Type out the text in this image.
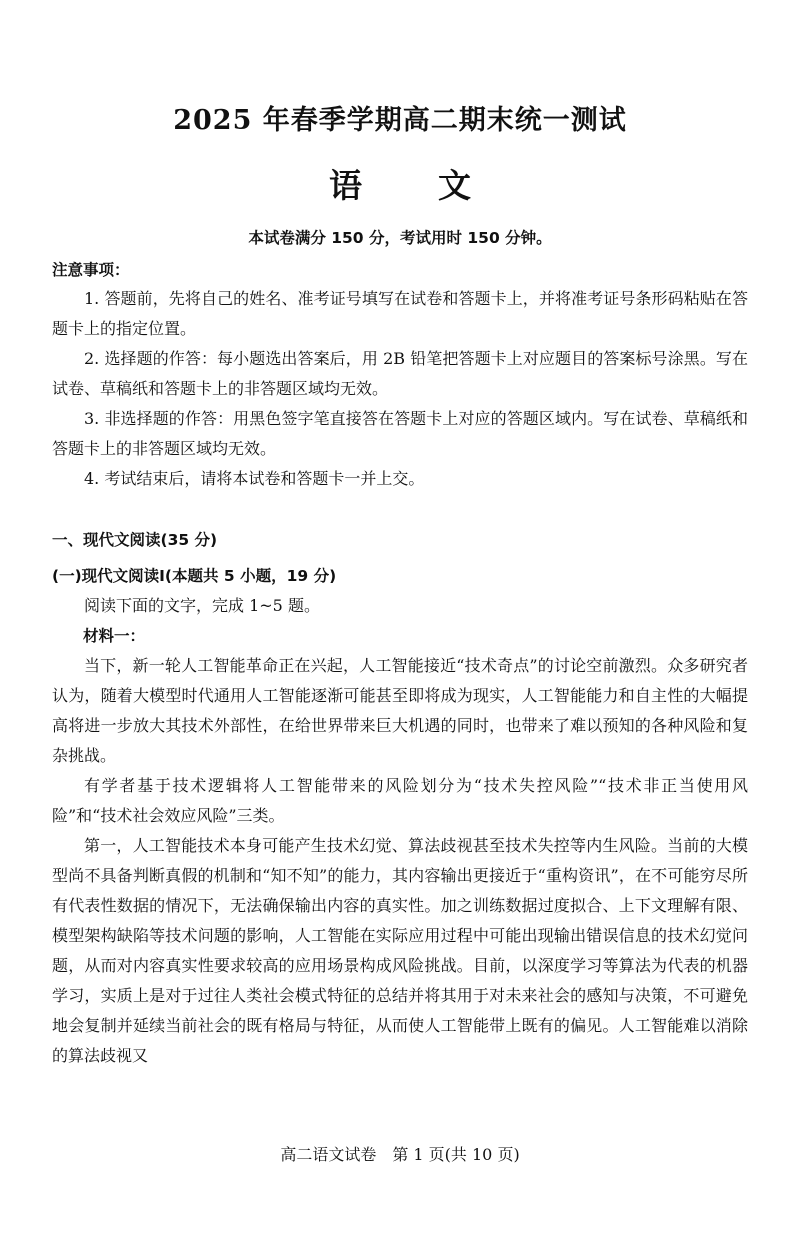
2025 年春季学期高二期末统一测试
语 文
本试卷满分 150 分，考试用时 150 分钟。
注意事项：

1. 答题前，先将自己的姓名、准考证号填写在试卷和答题卡上，并将准考证号条形码粘贴在答题卡上的指定位置。

2. 选择题的作答：每小题选出答案后，用 2B 铅笔把答题卡上对应题目的答案标号涂黑。写在试卷、草稿纸和答题卡上的非答题区域均无效。

3. 非选择题的作答：用黑色签字笔直接答在答题卡上对应的答题区域内。写在试卷、草稿纸和答题卡上的非答题区域均无效。

4. 考试结束后，请将本试卷和答题卡一并上交。

一、现代文阅读(35 分)
(一)现代文阅读Ⅰ(本题共 5 小题，19 分)

阅读下面的文字，完成 1~5 题。

材料一：

当下，新一轮人工智能革命正在兴起，人工智能接近“技术奇点”的讨论空前激烈。众多研究者认为，随着大模型时代通用人工智能逐渐可能甚至即将成为现实，人工智能能力和自主性的大幅提高将进一步放大其技术外部性，在给世界带来巨大机遇的同时，也带来了难以预知的各种风险和复杂挑战。

有学者基于技术逻辑将人工智能带来的风险划分为“技术失控风险”“技术非正当使用风险”和“技术社会效应风险”三类。

第一，人工智能技术本身可能产生技术幻觉、算法歧视甚至技术失控等内生风险。当前的大模型尚不具备判断真假的机制和“知不知”的能力，其内容输出更接近于“重构资讯”，在不可能穷尽所有代表性数据的情况下，无法确保输出内容的真实性。加之训练数据过度拟合、上下文理解有限、模型架构缺陷等技术问题的影响，人工智能在实际应用过程中可能出现输出错误信息的技术幻觉问题，从而对内容真实性要求较高的应用场景构成风险挑战。目前，以深度学习等算法为代表的机器学习，实质上是对于过往人类社会模式特征的总结并将其用于对未来社会的感知与决策，不可避免地会复制并延续当前社会的既有格局与特征，从而使人工智能带上既有的偏见。人工智能难以消除的算法歧视又

高二语文试卷　第 1 页(共 10 页)
